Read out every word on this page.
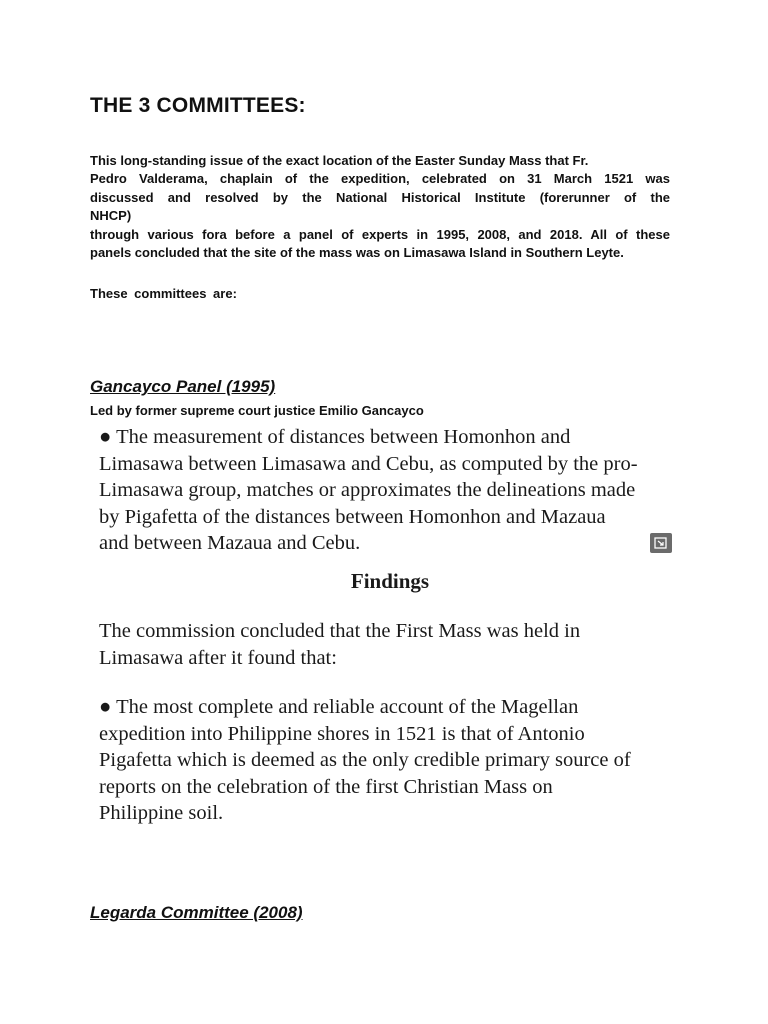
THE 3 COMMITTEES:
This long-standing issue of the exact location of the Easter Sunday Mass that Fr.
Pedro Valderama, chaplain of the expedition, celebrated on 31 March 1521 was
discussed and resolved by the National Historical Institute (forerunner of the
NHCP)
through various fora before a panel of experts in 1995, 2008, and 2018. All of these
panels concluded that the site of the mass was on Limasawa Island in Southern Leyte.
These committees are:
Gancayco Panel (1995)
Led by former supreme court justice Emilio Gancayco
● The measurement of distances between Homonhon and
Limasawa between Limasawa and Cebu, as computed by the pro-
Limasawa group, matches or approximates the delineations made
by Pigafetta of the distances between Homonhon and Mazaua
and between Mazaua and Cebu.
Findings
The commission concluded that the First Mass was held in
Limasawa after it found that:
● The most complete and reliable account of the Magellan
expedition into Philippine shores in 1521 is that of Antonio
Pigafetta which is deemed as the only credible primary source of
reports on the celebration of the first Christian Mass on
Philippine soil.
Legarda Committee (2008)
